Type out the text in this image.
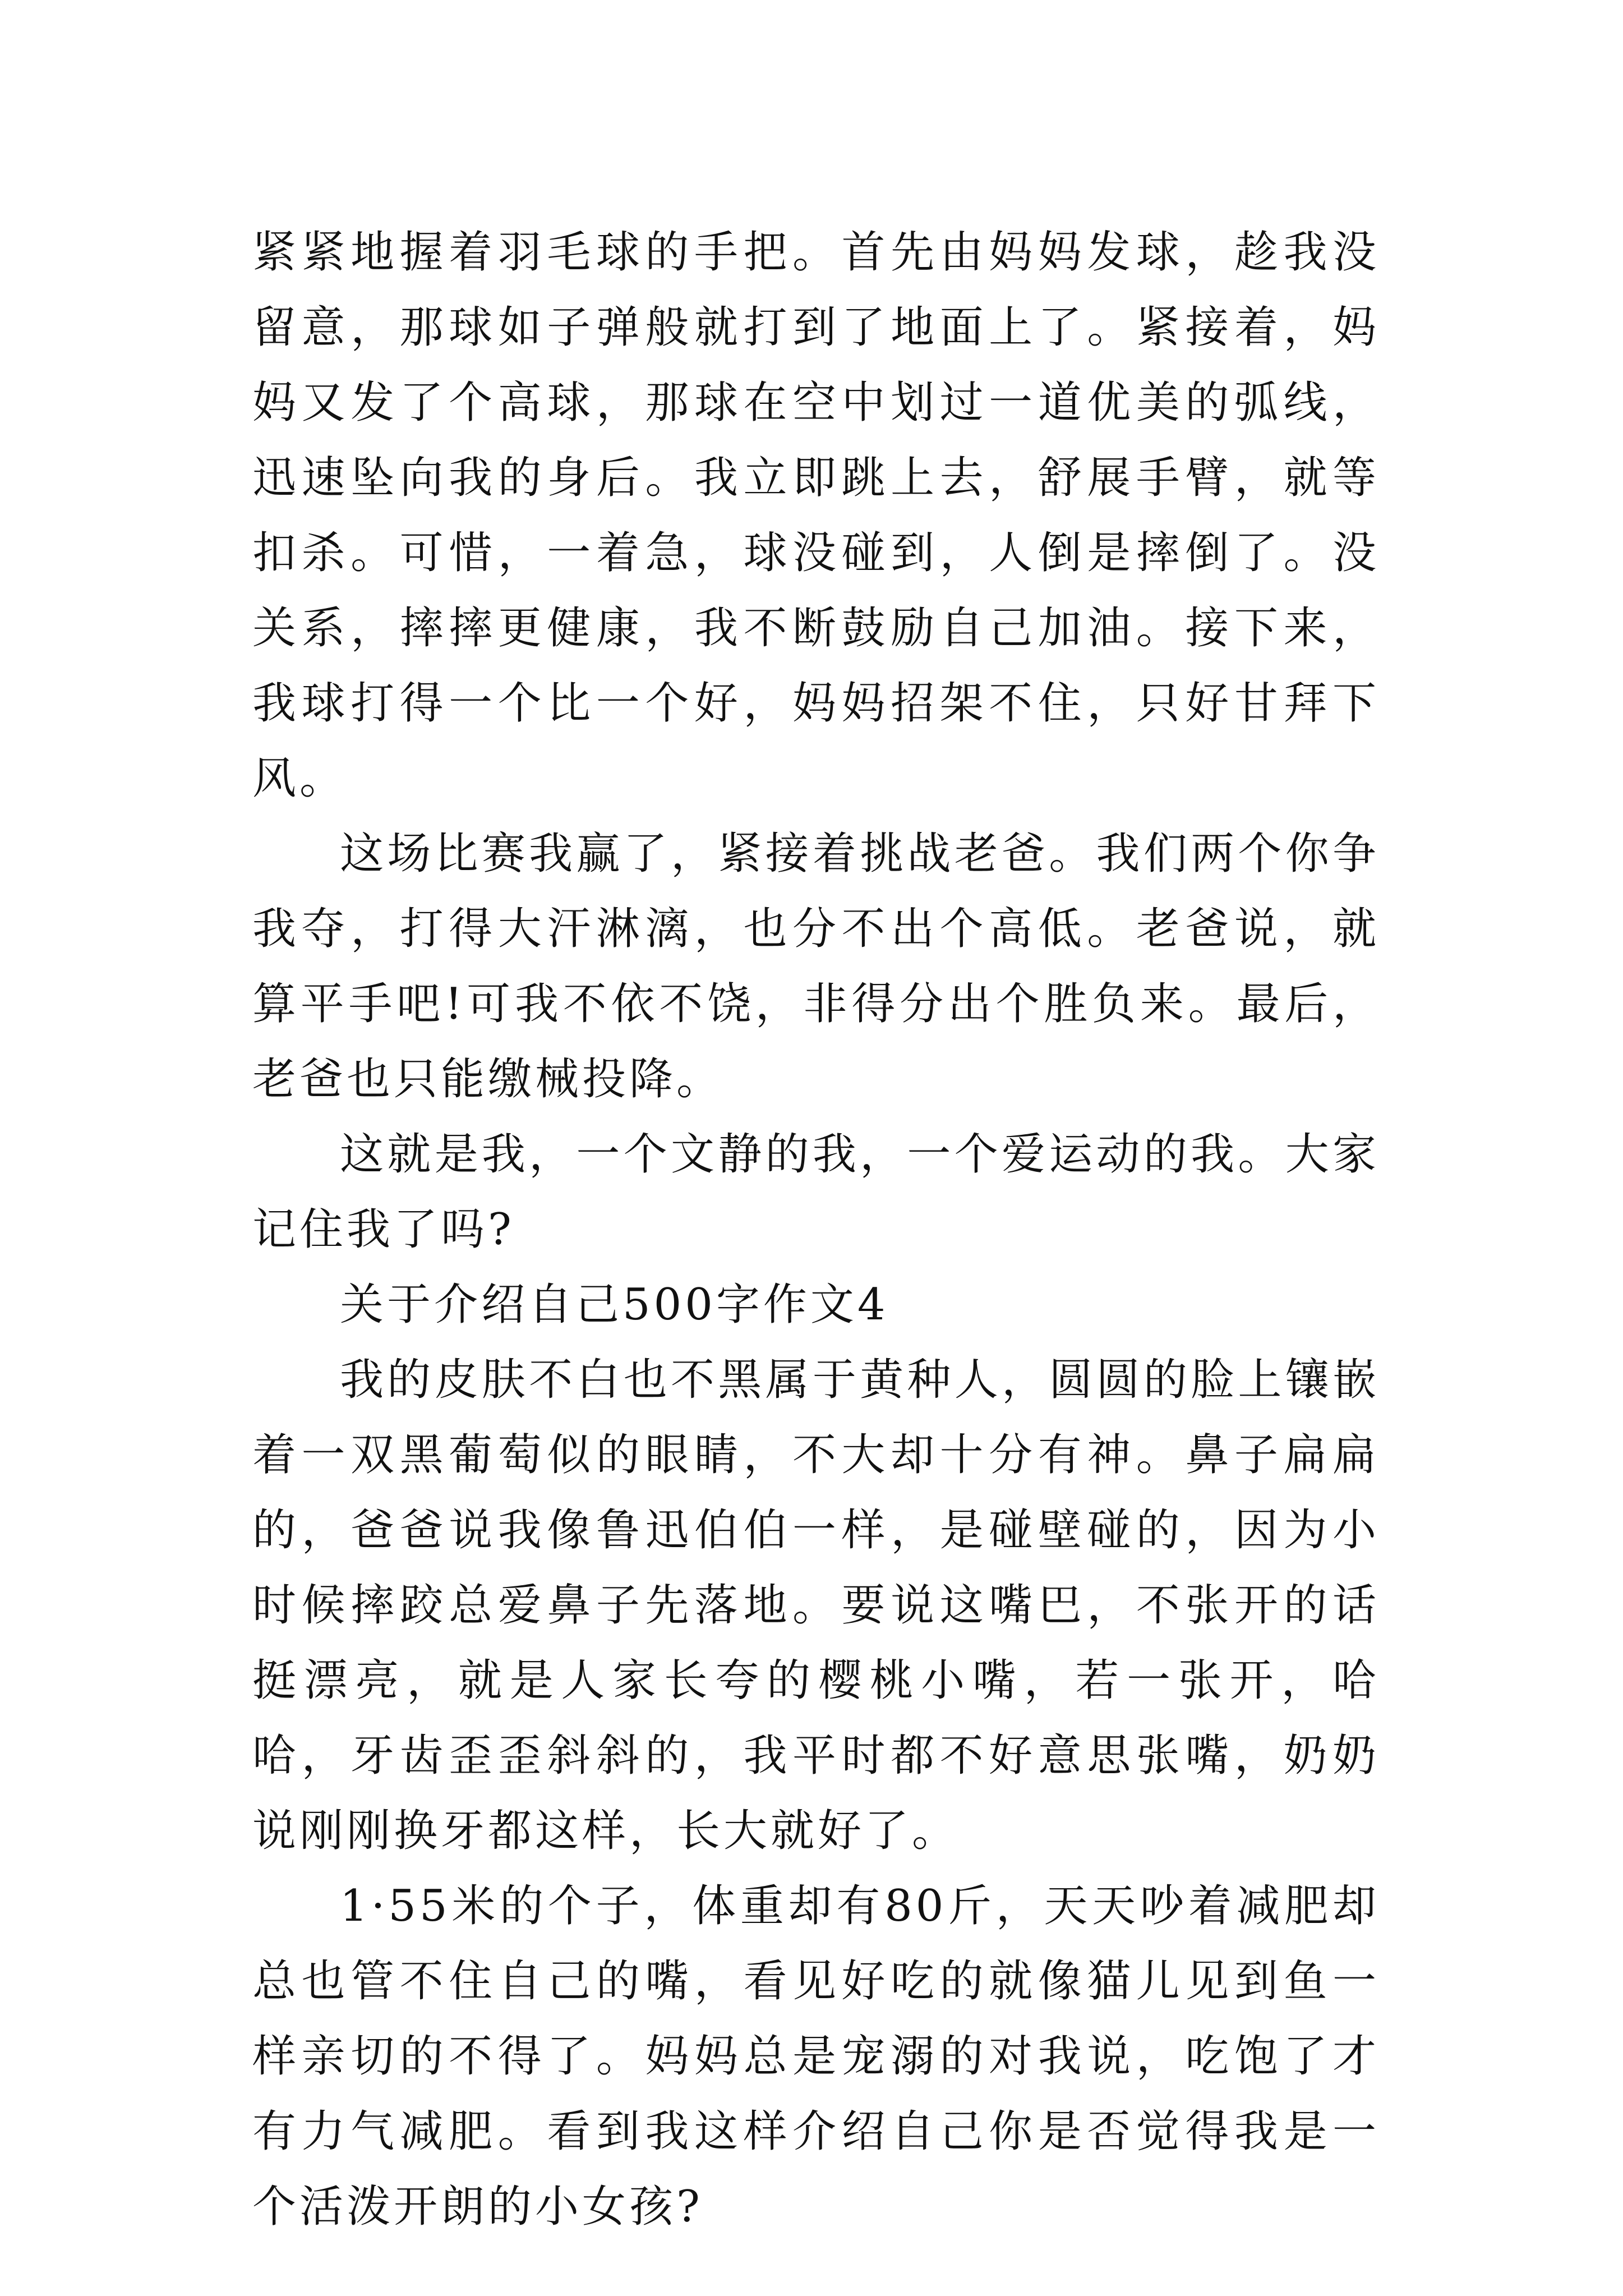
紧紧地握着羽毛球的手把。首先由妈妈发球，趁我没留意，那球如子弹般就打到了地面上了。紧接着，妈妈又发了个高球，那球在空中划过一道优美的弧线，迅速坠向我的身后。我立即跳上去，舒展手臂，就等扣杀。可惜，一着急，球没碰到，人倒是摔倒了。没关系，摔摔更健康，我不断鼓励自己加油。接下来，我球打得一个比一个好，妈妈招架不住，只好甘拜下风。

这场比赛我赢了，紧接着挑战老爸。我们两个你争我夺，打得大汗淋漓，也分不出个高低。老爸说，就算平手吧!可我不依不饶，非得分出个胜负来。最后，老爸也只能缴械投降。

这就是我，一个文静的我，一个爱运动的我。大家记住我了吗?

关于介绍自己500字作文4

我的皮肤不白也不黑属于黄种人，圆圆的脸上镶嵌着一双黑葡萄似的眼睛，不大却十分有神。鼻子扁扁的，爸爸说我像鲁迅伯伯一样，是碰壁碰的，因为小时候摔跤总爱鼻子先落地。要说这嘴巴，不张开的话挺漂亮，就是人家长夸的樱桃小嘴，若一张开，哈哈，牙齿歪歪斜斜的，我平时都不好意思张嘴，奶奶说刚刚换牙都这样，长大就好了。

1·55米的个子，体重却有80斤，天天吵着减肥却总也管不住自己的嘴，看见好吃的就像猫儿见到鱼一样亲切的不得了。妈妈总是宠溺的对我说，吃饱了才有力气减肥。看到我这样介绍自己你是否觉得我是一个活泼开朗的小女孩?
